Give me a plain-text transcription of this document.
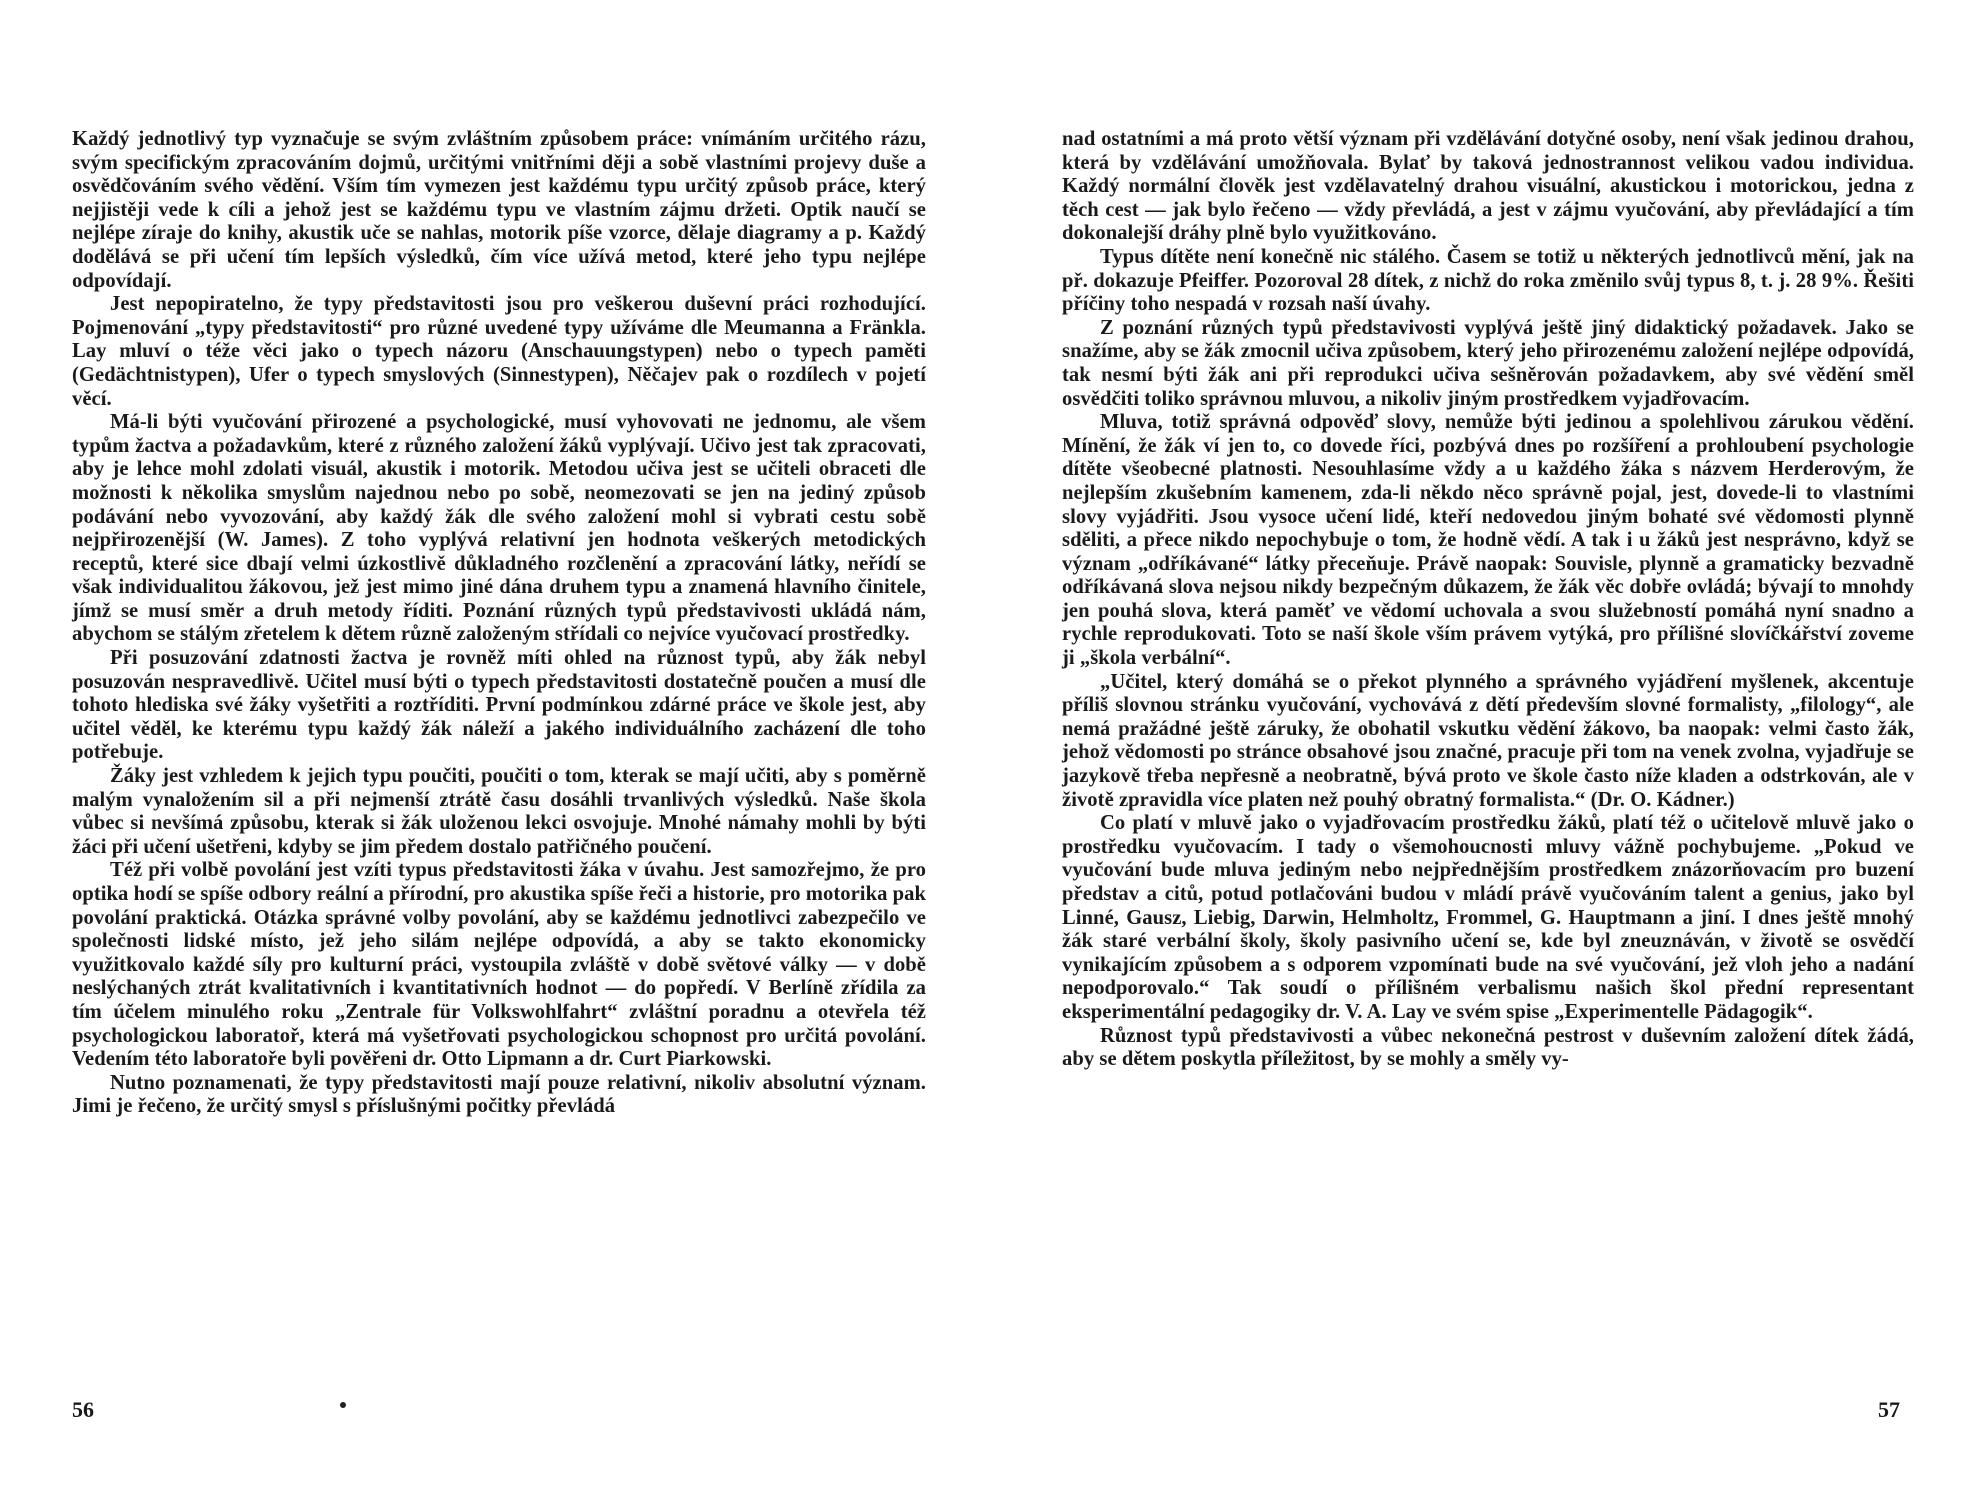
Každý jednotlivý typ vyznačuje se svým zvláštním způsobem práce: vnímáním určitého rázu, svým specifickým zpracováním dojmů, určitými vnitřními ději a sobě vlastními projevy duše a osvědčováním svého vědění. Vším tím vymezen jest každému typu určitý způsob práce, který nejjistěji vede k cíli a jehož jest se každému typu ve vlastním zájmu držeti. Optik naučí se nejlépe zíraje do knihy, akustik uče se nahlas, motorik píše vzorce, dělaje diagramy a p. Každý dodělává se při učení tím lepších výsledků, čím více užívá metod, které jeho typu nejlépe odpovídají.

Jest nepopiratelno, že typy představitosti jsou pro veškerou duševní práci rozhodující. Pojmenování „typy představitosti“ pro různé uvedené typy užíváme dle Meumanna a Fränkla. Lay mluví o téže věci jako o typech názoru (Anschauungstypen) nebo o typech paměti (Gedächtnistypen), Ufer o typech smyslových (Sinnestypen), Něčajev pak o rozdílech v pojetí věcí.

Má-li býti vyučování přirozené a psychologické, musí vyhovovati ne jednomu, ale všem typům žactva a požadavkům, které z různého založení žáků vyplývají. Učivo jest tak zpracovati, aby je lehce mohl zdolati visuál, akustik i motorik. Metodou učiva jest se učiteli obraceti dle možnosti k několika smyslům najednou nebo po sobě, neomezovati se jen na jediný způsob podávání nebo vyvozování, aby každý žák dle svého založení mohl si vybrati cestu sobě nejpřirozenější (W. James). Z toho vyplývá relativní jen hodnota veškerých metodických receptů, které sice dbají velmi úzkostlivě důkladného rozčlenění a zpracování látky, neřídí se však individualitou žákovou, jež jest mimo jiné dána druhem typu a znamená hlavního činitele, jímž se musí směr a druh metody říditi. Poznání různých typů představivosti ukládá nám, abychom se stálým zřetelem k dětem různě založeným střídali co nejvíce vyučovací prostředky.

Při posuzování zdatnosti žactva je rovněž míti ohled na různost typů, aby žák nebyl posuzován nespravedlivě. Učitel musí býti o typech představitosti dostatečně poučen a musí dle tohoto hlediska své žáky vyšetřiti a roztříditi. První podmínkou zdárné práce ve škole jest, aby učitel věděl, ke kterému typu každý žák náleží a jakého individuálního zacházení dle toho potřebuje.

Žáky jest vzhledem k jejich typu poučiti, poučiti o tom, kterak se mají učiti, aby s poměrně malým vynaložením sil a při nejmenší ztrátě času dosáhli trvanlivých výsledků. Naše škola vůbec si nevšímá způsobu, kterak si žák uloženou lekci osvojuje. Mnohé námahy mohli by býti žáci při učení ušetřeni, kdyby se jim předem dostalo patřičného poučení.

Též při volbě povolání jest vzíti typus představitosti žáka v úvahu. Jest samozřejmo, že pro optika hodí se spíše odbory reální a přírodní, pro akustika spíše řeči a historie, pro motorika pak povolání praktická. Otázka správné volby povolání, aby se každému jednotlivci zabezpečilo ve společnosti lidské místo, jež jeho silám nejlépe odpovídá, a aby se takto ekonomicky využitkovalo každé síly pro kulturní práci, vystoupila zvláště v době světové války — v době neslýchaných ztrát kvalitativních i kvantitativních hodnot — do popředí. V Berlíně zřídila za tím účelem minulého roku „Zentrale für Volkswohlfahrt“ zvláštní poradnu a otevřela též psychologickou laboratoř, která má vyšetřovati psychologickou schopnost pro určitá povolání. Vedením této laboratoře byli pověřeni dr. Otto Lipmann a dr. Curt Piarkowski.

Nutno poznamenati, že typy představitosti mají pouze relativní, nikoliv absolutní význam. Jimi je řečeno, že určitý smysl s příslušnými počitky převládá

nad ostatními a má proto větší význam při vzdělávání dotyčné osoby, není však jedinou drahou, která by vzdělávání umožňovala. Bylať by taková jednostrannost velikou vadou individua. Každý normální člověk jest vzdělavatelný drahou visuální, akustickou i motorickou, jedna z těch cest — jak bylo řečeno — vždy převládá, a jest v zájmu vyučování, aby převládající a tím dokonalejší dráhy plně bylo využitkováno.

Typus dítěte není konečně nic stálého. Časem se totiž u některých jednotlivců mění, jak na př. dokazuje Pfeiffer. Pozoroval 28 dítek, z nichž do roka změnilo svůj typus 8, t. j. 28 9%. Řešiti příčiny toho nespadá v rozsah naší úvahy.

Z poznání různých typů představivosti vyplývá ještě jiný didaktický požadavek. Jako se snažíme, aby se žák zmocnil učiva způsobem, který jeho přirozenému založení nejlépe odpovídá, tak nesmí býti žák ani při reprodukci učiva sešněrován požadavkem, aby své vědění směl osvědčiti toliko správnou mluvou, a nikoliv jiným prostředkem vyjadřovacím.

Mluva, totiž správná odpověď slovy, nemůže býti jedinou a spolehlivou zárukou vědění. Mínění, že žák ví jen to, co dovede říci, pozbývá dnes po rozšíření a prohloubení psychologie dítěte všeobecné platnosti. Nesouhlasíme vždy a u každého žáka s názvem Herderovým, že nejlepším zkušebním kamenem, zda-li někdo něco správně pojal, jest, dovede-li to vlastními slovy vyjádřiti. Jsou vysoce učení lidé, kteří nedovedou jiným bohaté své vědomosti plynně sděliti, a přece nikdo nepochybuje o tom, že hodně vědí. A tak i u žáků jest nesprávno, když se význam „odříkávané“ látky přeceňuje. Právě naopak: Souvisle, plynně a gramaticky bezvadně odříkávaná slova nejsou nikdy bezpečným důkazem, že žák věc dobře ovládá; bývají to mnohdy jen pouhá slova, která paměť ve vědomí uchovala a svou služebností pomáhá nyní snadno a rychle reprodukovati. Toto se naší škole vším právem vytýká, pro přílišné slovíčkářství zoveme ji „škola verbální“.

„Učitel, který domáhá se o překot plynného a správného vyjádření myšlenek, akcentuje příliš slovnou stránku vyučování, vychovává z dětí především slovné formalisty, „filology“, ale nemá pražádné ještě záruky, že obohatil vskutku vědění žákovo, ba naopak: velmi často žák, jehož vědomosti po stránce obsahové jsou značné, pracuje při tom na venek zvolna, vyjadřuje se jazykově třeba nepřesně a neobratně, bývá proto ve škole často níže kladen a odstrkován, ale v životě zpravidla více platen než pouhý obratný formalista.“ (Dr. O. Kádner.)

Co platí v mluvě jako o vyjadřovacím prostředku žáků, platí též o učitelově mluvě jako o prostředku vyučovacím. I tady o všemohoucnosti mluvy vážně pochybujeme. „Pokud ve vyučování bude mluva jediným nebo nejpřednějším prostředkem znázorňovacím pro buzení představ a citů, potud potlačováni budou v mládí právě vyučováním talent a genius, jako byl Linné, Gausz, Liebig, Darwin, Helmholtz, Frommel, G. Hauptmann a jiní. I dnes ještě mnohý žák staré verbální školy, školy pasivního učení se, kde byl zneuznáván, v životě se osvědčí vynikajícím způsobem a s odporem vzpomínati bude na své vyučování, jež vloh jeho a nadání nepodporovalo.“ Tak soudí o přílišném verbalismu našich škol přední representant eksperimentální pedagogiky dr. V. A. Lay ve svém spise „Experimentelle Pädagogik“.

Různost typů představivosti a vůbec nekonečná pestrost v duševním založení dítek žádá, aby se dětem poskytla příležitost, by se mohly a směly vy-

56	57
